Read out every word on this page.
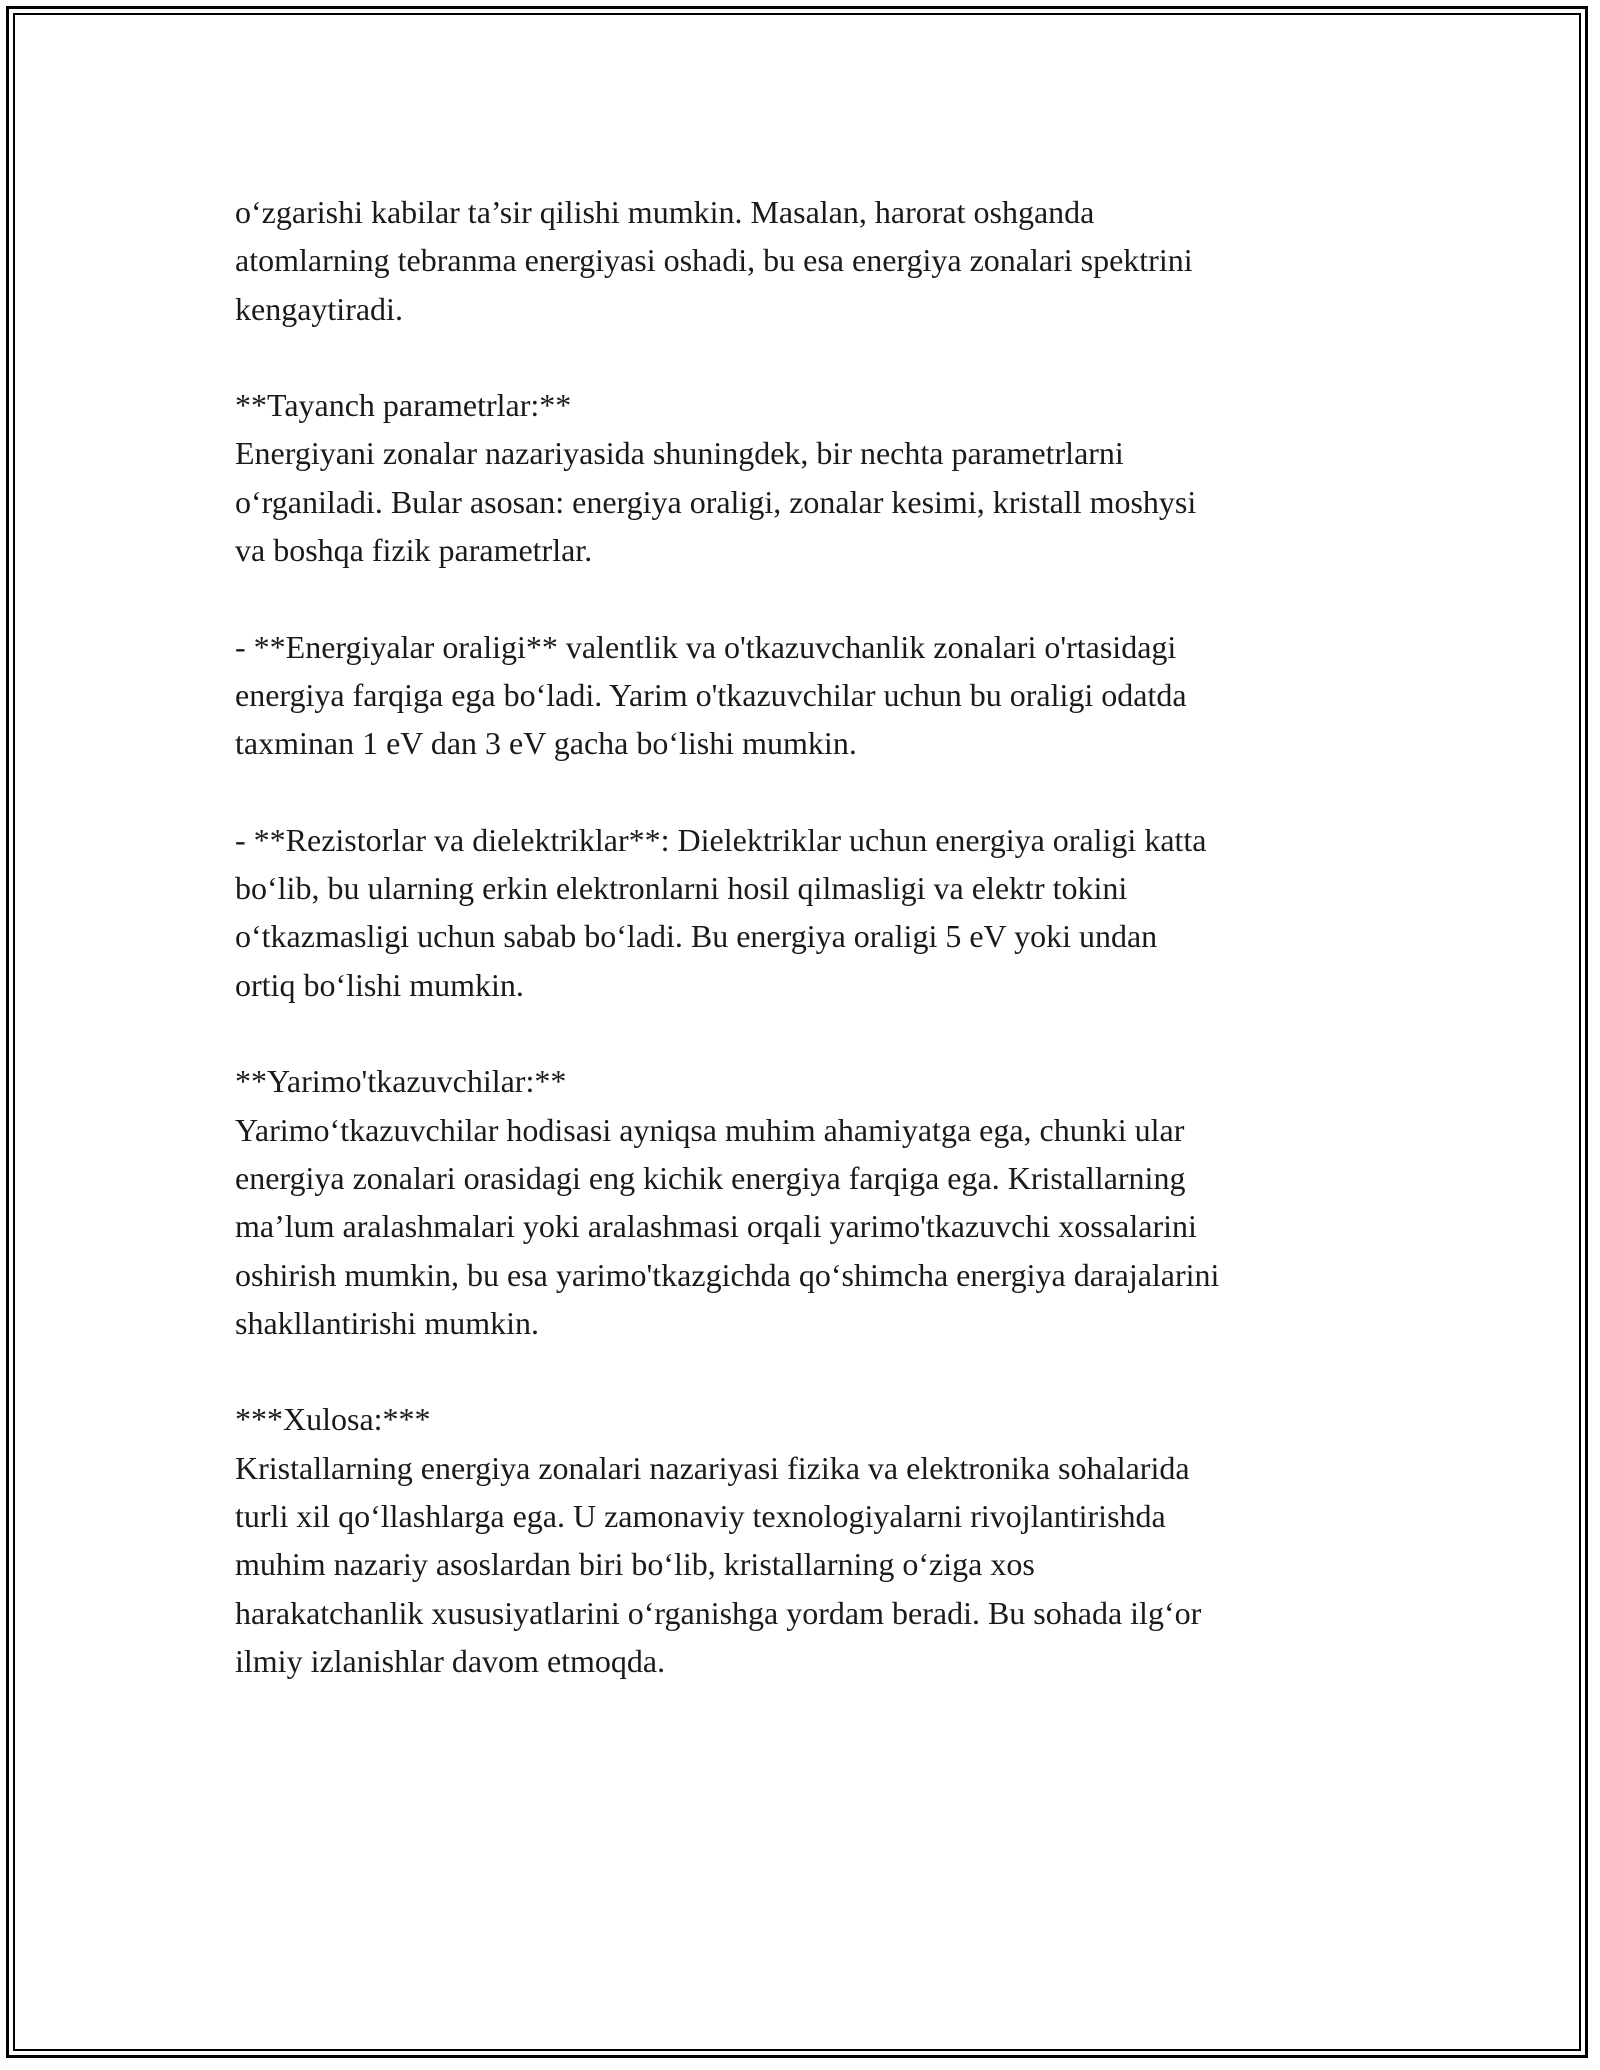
o‘zgarishi kabilar ta’sir qilishi mumkin. Masalan, harorat oshganda
atomlarning tebranma energiyasi oshadi, bu esa energiya zonalari spektrini
kengaytiradi.
**Tayanch parametrlar:**
Energiyani zonalar nazariyasida shuningdek, bir nechta parametrlarni
o‘rganiladi. Bular asosan: energiya oraligi, zonalar kesimi, kristall moshysi
va boshqa fizik parametrlar.
- **Energiyalar oraligi** valentlik va o'tkazuvchanlik zonalari o'rtasidagi
energiya farqiga ega bo‘ladi. Yarim o'tkazuvchilar uchun bu oraligi odatda
taxminan 1 eV dan 3 eV gacha bo‘lishi mumkin.
- **Rezistorlar va dielektriklar**: Dielektriklar uchun energiya oraligi katta
bo‘lib, bu ularning erkin elektronlarni hosil qilmasligi va elektr tokini
o‘tkazmasligi uchun sabab bo‘ladi. Bu energiya oraligi 5 eV yoki undan
ortiq bo‘lishi mumkin.
**Yarimo'tkazuvchilar:**
Yarimo‘tkazuvchilar hodisasi ayniqsa muhim ahamiyatga ega, chunki ular
energiya zonalari orasidagi eng kichik energiya farqiga ega. Kristallarning
ma’lum aralashmalari yoki aralashmasi orqali yarimo'tkazuvchi xossalarini
oshirish mumkin, bu esa yarimo'tkazgichda qo‘shimcha energiya darajalarini
shakllantirishi mumkin.
***Xulosa:***
Kristallarning energiya zonalari nazariyasi fizika va elektronika sohalarida
turli xil qo‘llashlarga ega. U zamonaviy texnologiyalarni rivojlantirishda
muhim nazariy asoslardan biri bo‘lib, kristallarning o‘ziga xos
harakatchanlik xususiyatlarini o‘rganishga yordam beradi. Bu sohada ilg‘or
ilmiy izlanishlar davom etmoqda.
